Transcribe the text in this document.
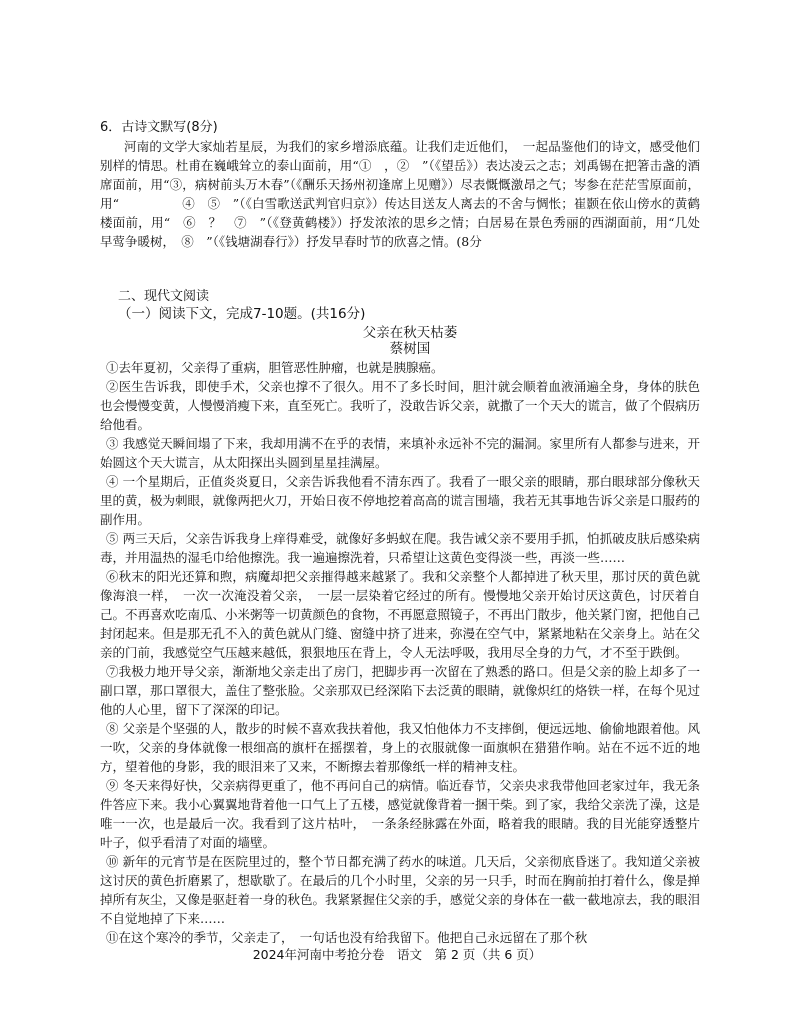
6．古诗文默写(8分)

河南的文学大家灿若星辰，为我们的家乡增添底蕴。让我们走近他们，　一起品鉴他们的诗文，感受他们别样的情思。杜甫在巍峨耸立的泰山面前，用“①　，②　”（《望岳》）表达凌云之志；刘禹锡在把箸击盏的酒席面前，用“③，病树前头万木春”（《酬乐天扬州初逢席上见赠》）尽表慨慨激昂之气；岑参在茫茫雪原面前，用“　　　　　④　⑤　”（《白雪歌送武判官归京》）传达目送友人离去的不舍与惆怅；崔颢在依山傍水的黄鹤楼面前，用“　⑥　？　⑦　”（《登黄鹤楼》）抒发浓浓的思乡之情；白居易在景色秀丽的西湖面前，用“几处早莺争暖树，　⑧　”（《钱塘湖春行》）抒发早春时节的欣喜之情。(8分

二、现代文阅读
（一）阅读下文，完成7-10题。(共16分)
父亲在秋天枯萎
蔡树国

①去年夏初，父亲得了重病，胆管恶性肿瘤，也就是胰腺癌。

②医生告诉我，即使手术，父亲也撑不了很久。用不了多长时间，胆汁就会顺着血液涌遍全身，身体的肤色也会慢慢变黄，人慢慢消瘦下来，直至死亡。我听了，没敢告诉父亲，就撒了一个天大的谎言，做了个假病历给他看。

③ 我感觉天瞬间塌了下来，我却用满不在乎的表情，来填补永远补不完的漏洞。家里所有人都参与进来，开始圆这个天大谎言，从太阳探出头圆到星星挂满屋。

④ 一个星期后，正值炎炎夏日，父亲告诉我他看不清东西了。我看了一眼父亲的眼睛，那白眼球部分像秋天里的黄，极为刺眼，就像两把火刀，开始日夜不停地挖着高高的谎言围墙，我若无其事地告诉父亲是口服药的副作用。

⑤ 两三天后，父亲告诉我身上痒得难受，就像好多蚂蚁在爬。我告诫父亲不要用手抓，怕抓破皮肤后感染病毒，并用温热的湿毛巾给他擦洗。我一遍遍擦洗着，只希望让这黄色变得淡一些，再淡一些……

⑥秋末的阳光还算和煦，病魔却把父亲摧得越来越紧了。我和父亲整个人都掉进了秋天里，那讨厌的黄色就像海浪一样，　一次一次淹没着父亲，　一层一层染着它经过的所有。慢慢地父亲开始讨厌这黄色，讨厌着自己。不再喜欢吃南瓜、小米粥等一切黄颜色的食物，不再愿意照镜子，不再出门散步，他关紧门窗，把他自己封闭起来。但是那无孔不入的黄色就从门缝、窗缝中挤了进来，弥漫在空气中，紧紧地粘在父亲身上。站在父亲的门前，我感觉空气压越来越低，狠狠地压在背上，令人无法呼吸，我用尽全身的力气，才不至于跌倒。

⑦我极力地开导父亲，渐渐地父亲走出了房门，把脚步再一次留在了熟悉的路口。但是父亲的脸上却多了一副口罩，那口罩很大，盖住了整张脸。父亲那双已经深陷下去泛黄的眼睛，就像炽红的烙铁一样，在每个见过他的人心里，留下了深深的印记。

⑧ 父亲是个坚强的人，散步的时候不喜欢我扶着他，我又怕他体力不支摔倒，便远远地、偷偷地跟着他。风一吹，父亲的身体就像一根细高的旗杆在摇摆着，身上的衣服就像一面旗帜在猎猎作响。站在不远不近的地方，望着他的身影，我的眼泪来了又来，不断擦去着那像纸一样的精神支柱。

⑨ 冬天来得好快，父亲病得更重了，他不再问自己的病情。临近春节，父亲央求我带他回老家过年，我无条件答应下来。我小心翼翼地背着他一口气上了五楼，感觉就像背着一捆干柴。到了家，我给父亲洗了澡，这是唯一一次，也是最后一次。我看到了这片枯叶，　一条条经脉露在外面，略着我的眼睛。我的目光能穿透整片叶子，似乎看清了对面的墙壁。

⑩ 新年的元宵节是在医院里过的，整个节日都充满了药水的味道。几天后，父亲彻底昏迷了。我知道父亲被这讨厌的黄色折磨累了，想歇歇了。在最后的几个小时里，父亲的另一只手，时而在胸前拍打着什么，像是掸掉所有灰尘，又像是驱赶着一身的秋色。我紧紧握住父亲的手，感觉父亲的身体在一截一截地凉去，我的眼泪不自觉地掉了下来……

⑪在这个寒冷的季节，父亲走了，　一句话也没有给我留下。他把自己永远留在了那个秋

2024年河南中考抢分卷　语文　第 2 页（共 6 页）
